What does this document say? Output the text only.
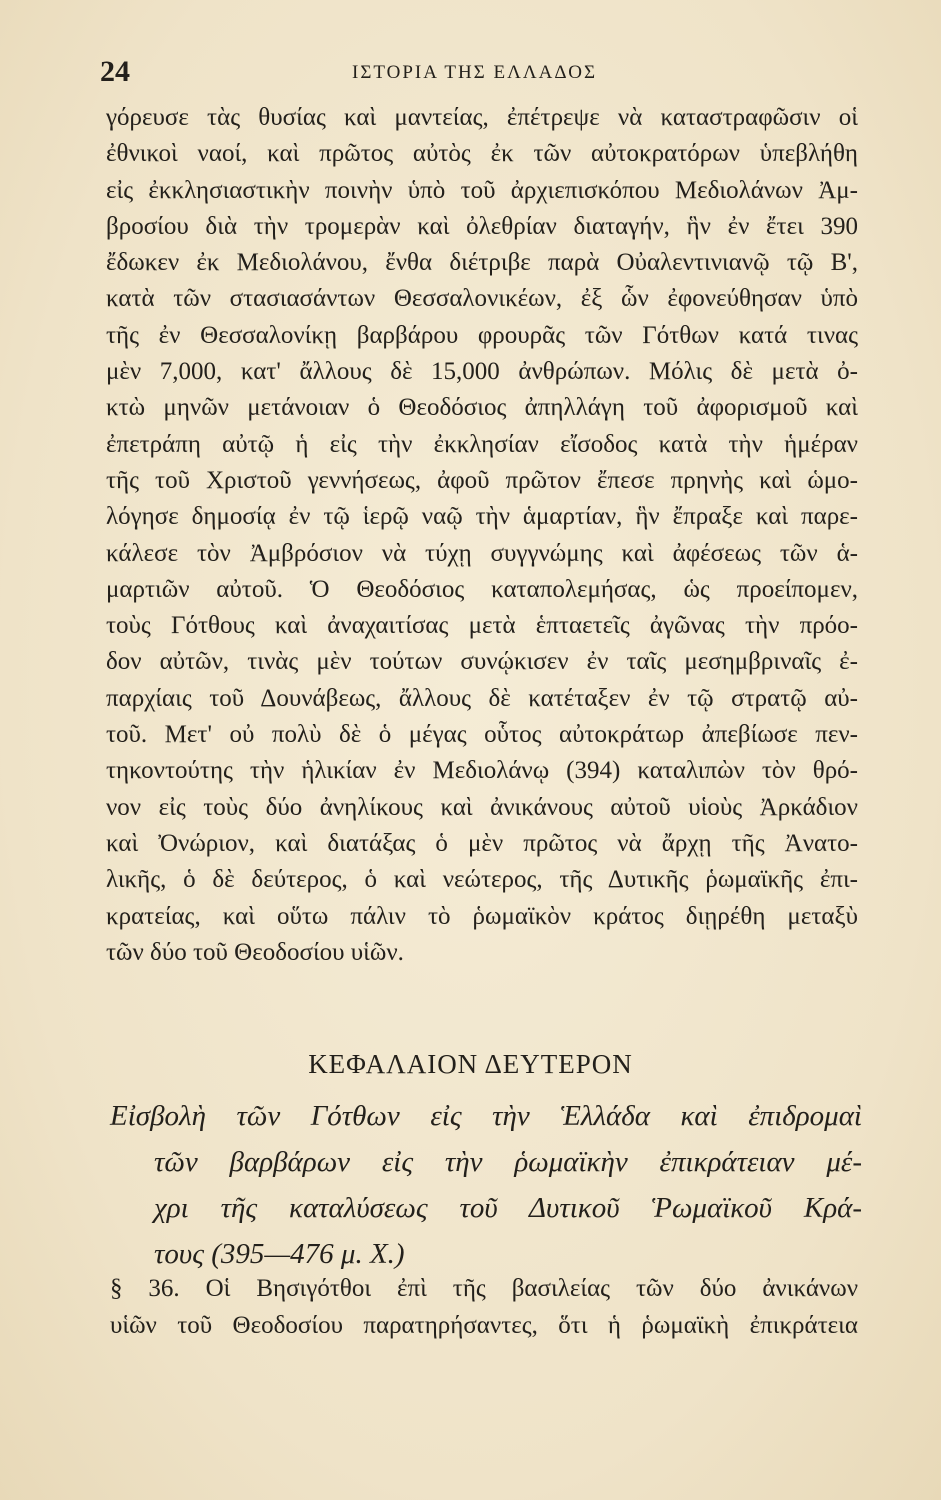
24	ΙΣΤΟΡΙΑ ΤΗΣ ΕΛΛΑΔΟΣ
γόρευσε τὰς θυσίας καὶ μαντείας, ἐπέτρεψε νὰ καταστραφῶσιν οἱ
ἐθνικοὶ ναοί, καὶ πρῶτος αὐτὸς ἐκ τῶν αὐτοκρατόρων ὑπεβλήθη
εἰς ἐκκλησιαστικὴν ποινὴν ὑπὸ τοῦ ἀρχιεπισκόπου Μεδιολάνων Ἀμ-
βροσίου διὰ τὴν τρομερὰν καὶ ὀλεθρίαν διαταγήν, ἣν ἐν ἔτει 390
ἔδωκεν ἐκ Μεδιολάνου, ἔνθα διέτριβε παρὰ Οὐαλεντινιανῷ τῷ Β',
κατὰ τῶν στασιασάντων Θεσσαλονικέων, ἐξ ὧν ἐφονεύθησαν ὑπὸ
τῆς ἐν Θεσσαλονίκῃ βαρβάρου φρουρᾶς τῶν Γότθων κατά τινας
μὲν 7,000, κατ' ἄλλους δὲ 15,000 ἀνθρώπων. Μόλις δὲ μετὰ ὀ-
κτὼ μηνῶν μετάνοιαν ὁ Θεοδόσιος ἀπηλλάγη τοῦ ἀφορισμοῦ καὶ
ἐπετράπη αὐτῷ ἡ εἰς τὴν ἐκκλησίαν εἴσοδος κατὰ τὴν ἡμέραν
τῆς τοῦ Χριστοῦ γεννήσεως, ἀφοῦ πρῶτον ἔπεσε πρηνὴς καὶ ὡμο-
λόγησε δημοσίᾳ ἐν τῷ ἱερῷ ναῷ τὴν ἁμαρτίαν, ἣν ἔπραξε καὶ παρε-
κάλεσε τὸν Ἀμβρόσιον νὰ τύχῃ συγγνώμης καὶ ἀφέσεως τῶν ἁ-
μαρτιῶν αὐτοῦ. Ὁ Θεοδόσιος καταπολεμήσας, ὡς προείπομεν,
τοὺς Γότθους καὶ ἀναχαιτίσας μετὰ ἑπταετεῖς ἀγῶνας τὴν πρόο-
δον αὐτῶν, τινὰς μὲν τούτων συνῴκισεν ἐν ταῖς μεσημβριναῖς ἐ-
παρχίαις τοῦ Δουνάβεως, ἄλλους δὲ κατέταξεν ἐν τῷ στρατῷ αὐ-
τοῦ. Μετ' οὐ πολὺ δὲ ὁ μέγας οὗτος αὐτοκράτωρ ἀπεβίωσε πεν-
τηκοντούτης τὴν ἡλικίαν ἐν Μεδιολάνῳ (394) καταλιπὼν τὸν θρό-
νον εἰς τοὺς δύο ἀνηλίκους καὶ ἀνικάνους αὐτοῦ υἱοὺς Ἀρκάδιον
καὶ Ὀνώριον, καὶ διατάξας ὁ μὲν πρῶτος νὰ ἄρχῃ τῆς Ἀνατο-
λικῆς, ὁ δὲ δεύτερος, ὁ καὶ νεώτερος, τῆς Δυτικῆς ῥωμαϊκῆς ἐπι-
κρατείας, καὶ οὕτω πάλιν τὸ ῥωμαϊκὸν κράτος διῃρέθη μεταξὺ
τῶν δύο τοῦ Θεοδοσίου υἱῶν.
ΚΕΦΑΛΑΙΟΝ ΔΕΥΤΕΡΟΝ
Εἰσβολὴ τῶν Γότθων εἰς τὴν Ἑλλάδα καὶ ἐπιδρομαὶ
τῶν βαρβάρων εἰς τὴν ῥωμαϊκὴν ἐπικράτειαν μέ-
χρι τῆς καταλύσεως τοῦ Δυτικοῦ Ῥωμαϊκοῦ Κρά-
τους (395—476 μ. Χ.)
§ 36. Οἱ Βησιγότθοι ἐπὶ τῆς βασιλείας τῶν δύο ἀνικάνων
υἱῶν τοῦ Θεοδοσίου παρατηρήσαντες, ὅτι ἡ ῥωμαϊκὴ ἐπικράτεια
